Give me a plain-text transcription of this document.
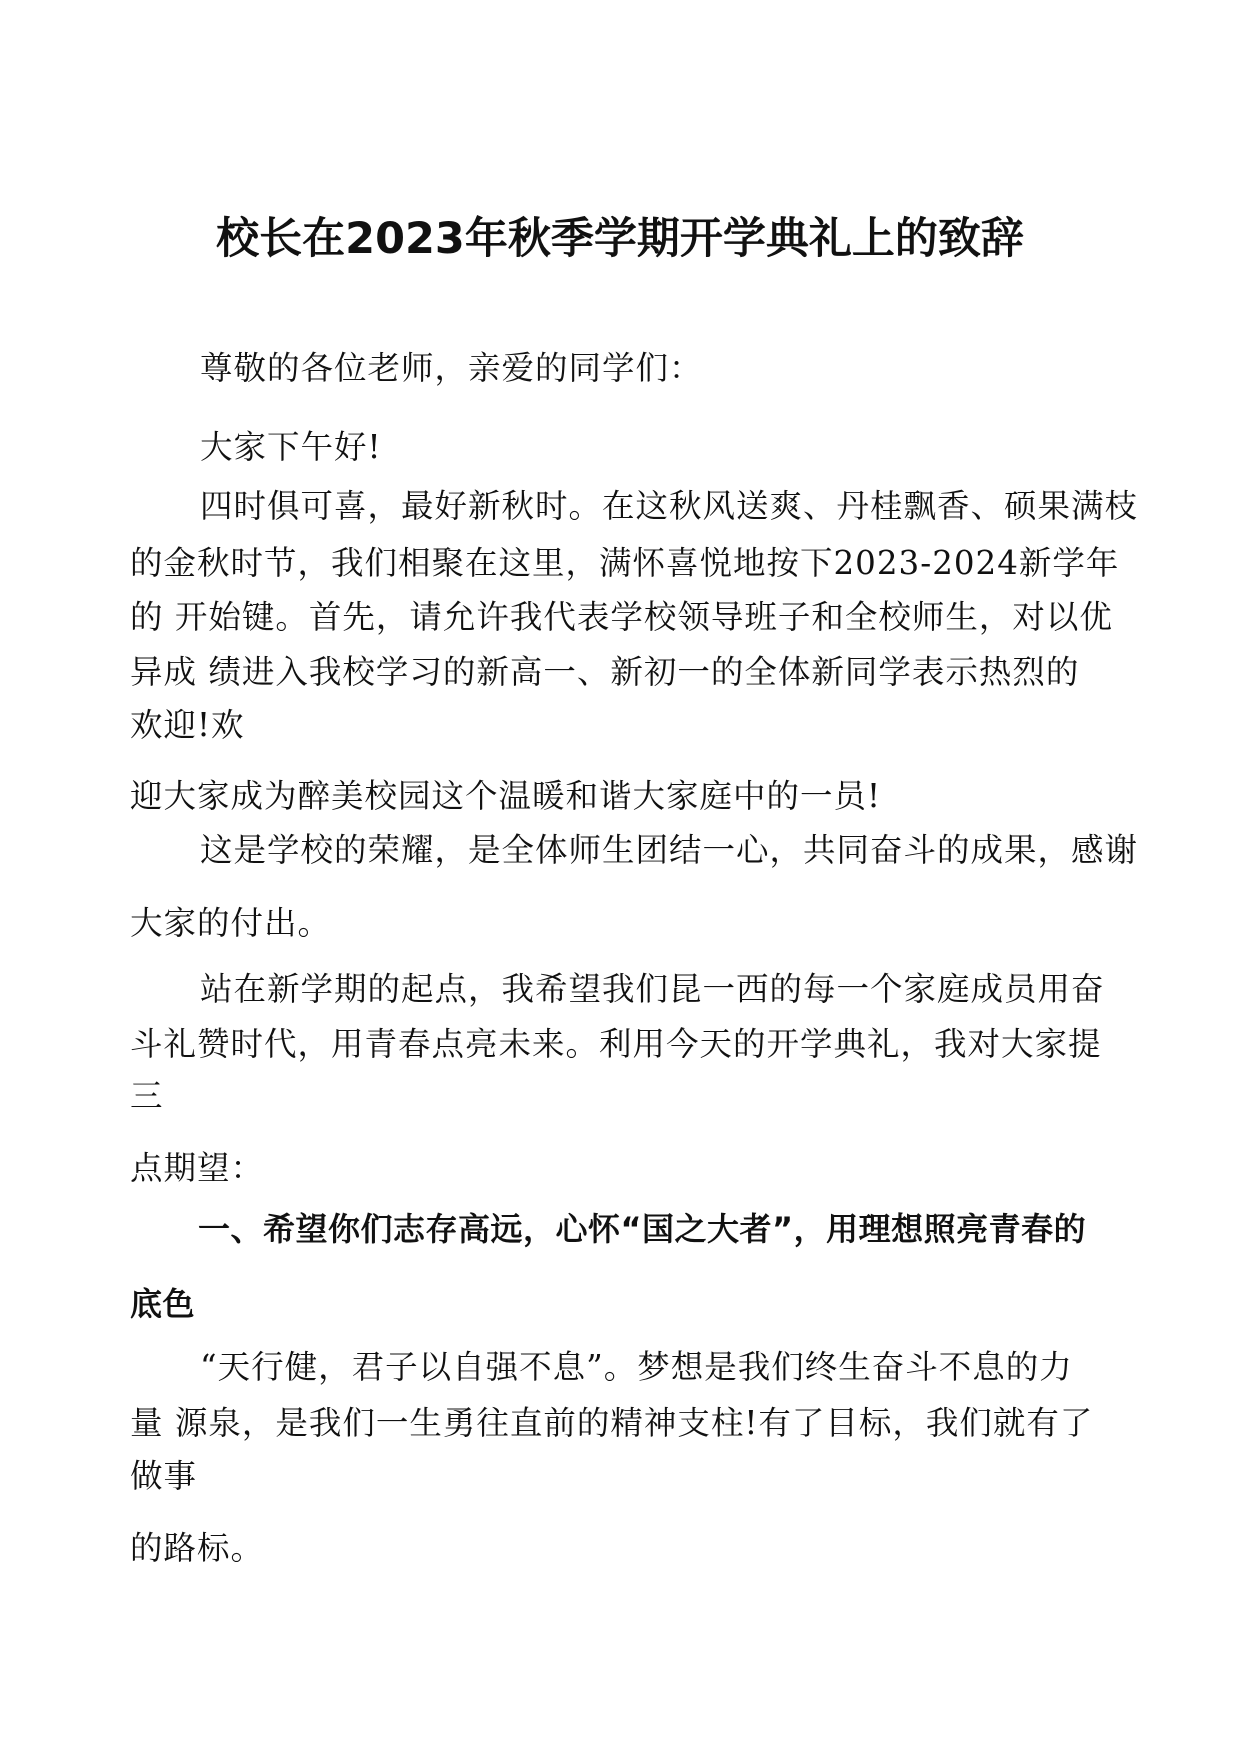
校长在2023年秋季学期开学典礼上的致辞
尊敬的各位老师，亲爱的同学们：
大家下午好!
四时俱可喜，最好新秋时。在这秋风送爽、丹桂飘香、硕果满枝
的金秋时节，我们相聚在这里，满怀喜悦地按下2023-2024新学年
的 开始键。首先，请允许我代表学校领导班子和全校师生，对以优
异成 绩进入我校学习的新高一、新初一的全体新同学表示热烈的
欢迎!欢
迎大家成为醉美校园这个温暖和谐大家庭中的一员!
这是学校的荣耀，是全体师生团结一心，共同奋斗的成果，感谢
大家的付出。
站在新学期的起点，我希望我们昆一西的每一个家庭成员用奋
斗礼赞时代，用青春点亮未来。利用今天的开学典礼，我对大家提
三
点期望：
一、希望你们志存高远，心怀“国之大者”，用理想照亮青春的
底色
“天行健，君子以自强不息”。梦想是我们终生奋斗不息的力
量 源泉，是我们一生勇往直前的精神支柱!有了目标，我们就有了
做事
的路标。
